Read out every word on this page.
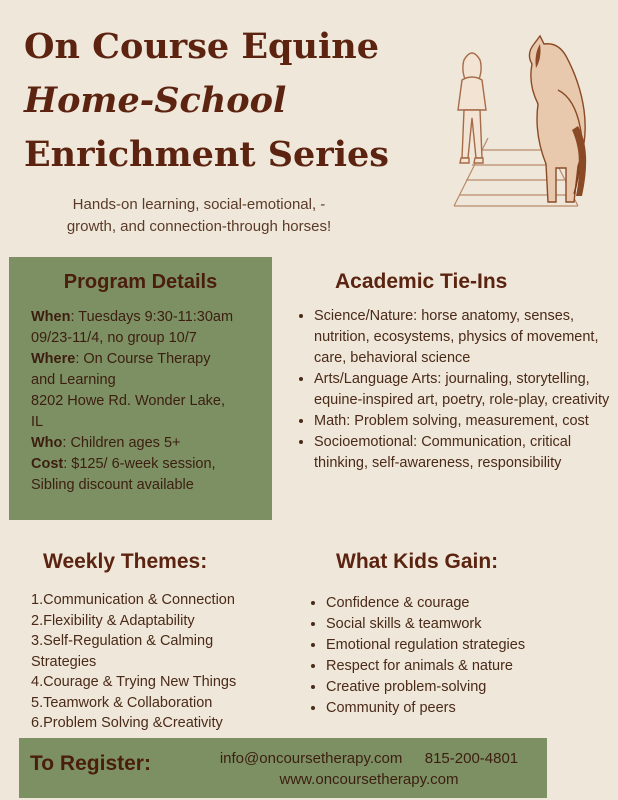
On Course Equine
Home-School
Enrichment Series
Hands-on learning, social-emotional, -
growth, and connection-through horses!
Program Details
When: Tuesdays 9:30-11:30am
09/23-11/4, no group 10/7
Where: On Course Therapy
and Learning
8202 Howe Rd. Wonder Lake,
IL
Who: Children ages 5+
Cost: $125/ 6-week session,
Sibling discount available
Academic Tie-Ins
• Science/Nature: horse anatomy, senses, nutrition, ecosystems, physics of movement, care, behavioral science
• Arts/Language Arts: journaling, storytelling, equine-inspired art, poetry, role-play, creativity
• Math: Problem solving, measurement, cost
• Socioemotional: Communication, critical thinking, self-awareness, responsibility
Weekly Themes:
1.Communication & Connection
2.Flexibility & Adaptability
3.Self-Regulation & Calming
Strategies
4.Courage & Trying New Things
5.Teamwork & Collaboration
6.Problem Solving &Creativity
What Kids Gain:
• Confidence & courage
• Social skills & teamwork
• Emotional regulation strategies
• Respect for animals & nature
• Creative problem-solving
• Community of peers
To Register:	info@oncoursetherapy.com 815-200-4801
www.oncoursetherapy.com
